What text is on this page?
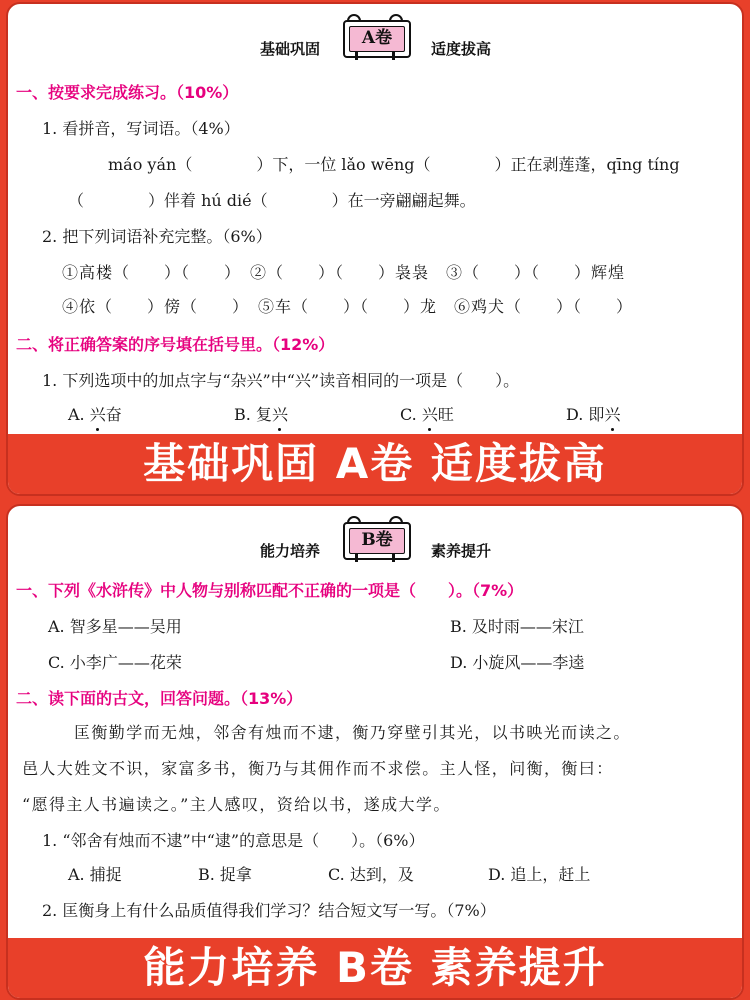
基础巩固
A卷
适度拔高
一、按要求完成练习。（10%）
1. 看拼音，写词语。（4%）
máo yán（　　　　）下，一位 lǎo wēng（　　　　）正在剥莲蓬，qīng tíng
（　　　　）伴着 hú dié（　　　　）在一旁翩翩起舞。
2. 把下列词语补充完整。（6%）
①高楼（　　）（　　）　②（　　）（　　）袅袅　③（　　）（　　）辉煌
④依（　　）傍（　　）　⑤车（　　）（　　）龙　⑥鸡犬（　　）（　　）
二、将正确答案的序号填在括号里。（12%）
1. 下列选项中的加点字与“杂兴”中“兴”读音相同的一项是（　　）。
A. 兴奋	B. 复兴	C. 兴旺	D. 即兴
基础巩固 A卷 适度拔高
能力培养
B卷
素养提升
一、下列《水浒传》中人物与别称匹配不正确的一项是（　　）。（7%）
A. 智多星——吴用	B. 及时雨——宋江
C. 小李广——花荣	D. 小旋风——李逵
二、读下面的古文，回答问题。（13%）
匡衡勤学而无烛，邻舍有烛而不逮，衡乃穿壁引其光，以书映光而读之。
邑人大姓文不识，家富多书，衡乃与其佣作而不求偿。主人怪，问衡，衡曰：
“愿得主人书遍读之。”主人感叹，资给以书，遂成大学。
1. “邻舍有烛而不逮”中“逮”的意思是（　　）。（6%）
A. 捕捉	B. 捉拿	C. 达到，及	D. 追上，赶上
2. 匡衡身上有什么品质值得我们学习？结合短文写一写。（7%）
能力培养 B卷 素养提升
